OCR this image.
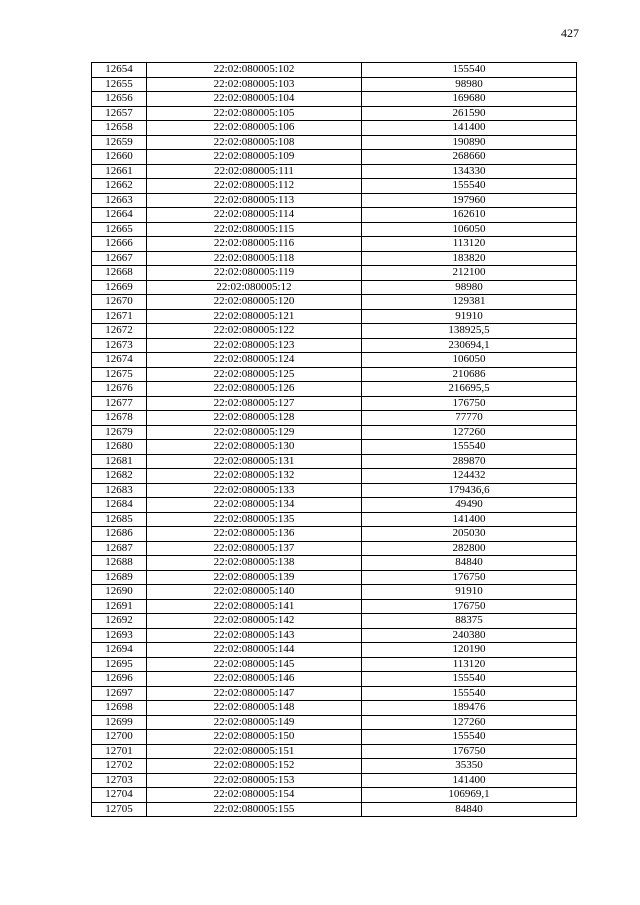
427
12654	22:02:080005:102	155540
12655	22:02:080005:103	98980
12656	22:02:080005:104	169680
12657	22:02:080005:105	261590
12658	22:02:080005:106	141400
12659	22:02:080005:108	190890
12660	22:02:080005:109	268660
12661	22:02:080005:111	134330
12662	22:02:080005:112	155540
12663	22:02:080005:113	197960
12664	22:02:080005:114	162610
12665	22:02:080005:115	106050
12666	22:02:080005:116	113120
12667	22:02:080005:118	183820
12668	22:02:080005:119	212100
12669	22:02:080005:12	98980
12670	22:02:080005:120	129381
12671	22:02:080005:121	91910
12672	22:02:080005:122	138925,5
12673	22:02:080005:123	230694,1
12674	22:02:080005:124	106050
12675	22:02:080005:125	210686
12676	22:02:080005:126	216695,5
12677	22:02:080005:127	176750
12678	22:02:080005:128	77770
12679	22:02:080005:129	127260
12680	22:02:080005:130	155540
12681	22:02:080005:131	289870
12682	22:02:080005:132	124432
12683	22:02:080005:133	179436,6
12684	22:02:080005:134	49490
12685	22:02:080005:135	141400
12686	22:02:080005:136	205030
12687	22:02:080005:137	282800
12688	22:02:080005:138	84840
12689	22:02:080005:139	176750
12690	22:02:080005:140	91910
12691	22:02:080005:141	176750
12692	22:02:080005:142	88375
12693	22:02:080005:143	240380
12694	22:02:080005:144	120190
12695	22:02:080005:145	113120
12696	22:02:080005:146	155540
12697	22:02:080005:147	155540
12698	22:02:080005:148	189476
12699	22:02:080005:149	127260
12700	22:02:080005:150	155540
12701	22:02:080005:151	176750
12702	22:02:080005:152	35350
12703	22:02:080005:153	141400
12704	22:02:080005:154	106969,1
12705	22:02:080005:155	84840
